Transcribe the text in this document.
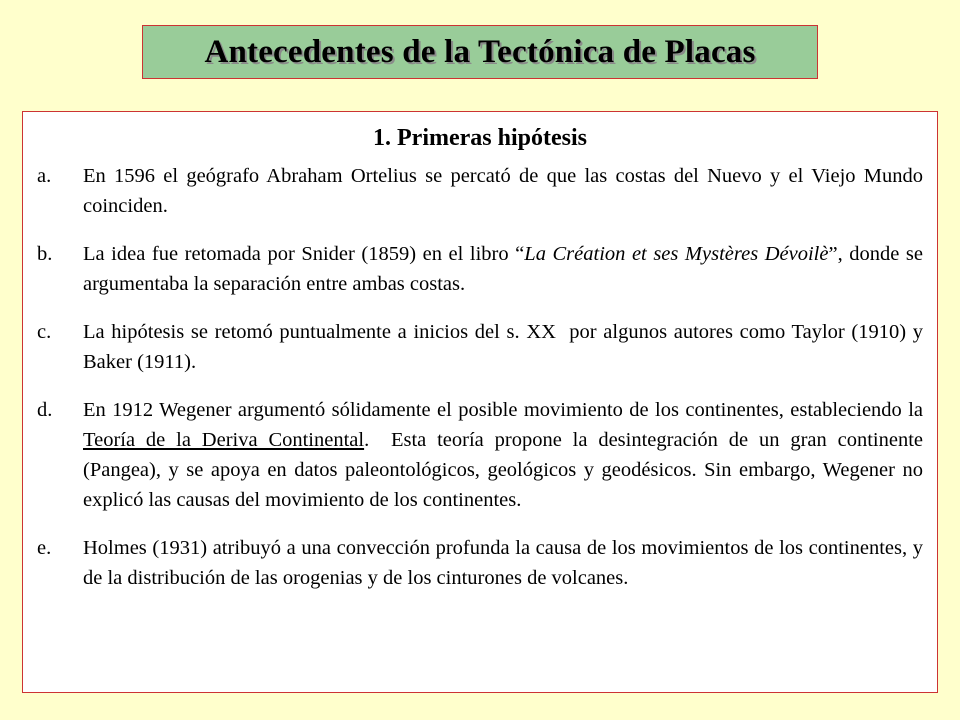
Antecedentes de la Tectónica de Placas
1. Primeras hipótesis
a. En 1596 el geógrafo Abraham Ortelius se percató de que las costas del Nuevo y el Viejo Mundo coinciden.
b. La idea fue retomada por Snider (1859) en el libro “La Création et ses Mystères Dévoilè”, donde se argumentaba la separación entre ambas costas.
c. La hipótesis se retomó puntualmente a inicios del s. XX  por algunos autores como Taylor (1910) y Baker (1911).
d. En 1912 Wegener argumentó sólidamente el posible movimiento de los continentes, estableciendo la Teoría de la Deriva Continental.  Esta teoría propone la desintegración de un gran continente (Pangea), y se apoya en datos paleontológicos, geológicos y geodésicos. Sin embargo, Wegener no explicó las causas del movimiento de los continentes.
e. Holmes (1931) atribuyó a una convección profunda la causa de los movimientos de los continentes, y de la distribución de las orogenias y de los cinturones de volcanes.
